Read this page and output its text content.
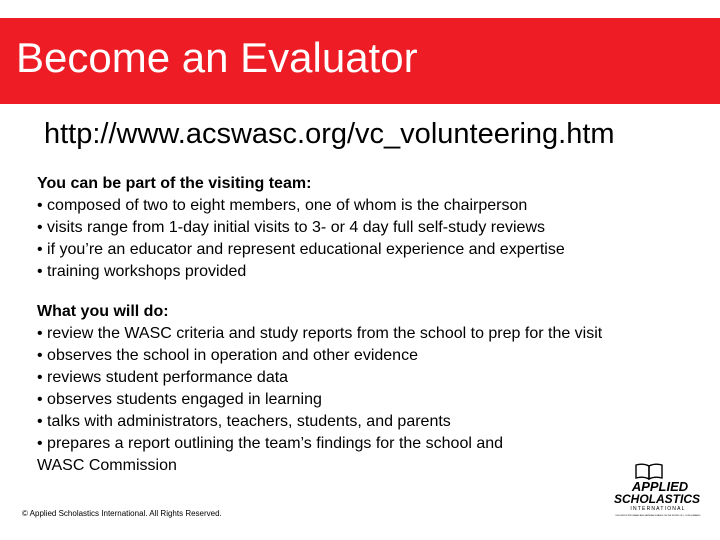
Become an Evaluator
http://www.acswasc.org/vc_volunteering.htm
You can be part of the visiting team:
• composed of two to eight members, one of whom is the chairperson
• visits range from 1-day initial visits to 3- or 4 day full self-study reviews
• if you’re an educator and represent educational experience and expertise
• training workshops provided
What you will do:
• review the WASC criteria and study reports from the school to prep for the visit
• observes the school in operation and other evidence
• reviews student performance data
• observes students engaged in learning
• talks with administrators, teachers, students, and parents
• prepares a report outlining the team’s findings for the school and
WASC Commission
© Applied Scholastics International. All Rights Reserved.
APPLIED
SCHOLASTICS
INTERNATIONAL
EDUCATION PROGRAMS AND MATERIALS BASED ON THE WORKS OF L. RON HUBBARD
